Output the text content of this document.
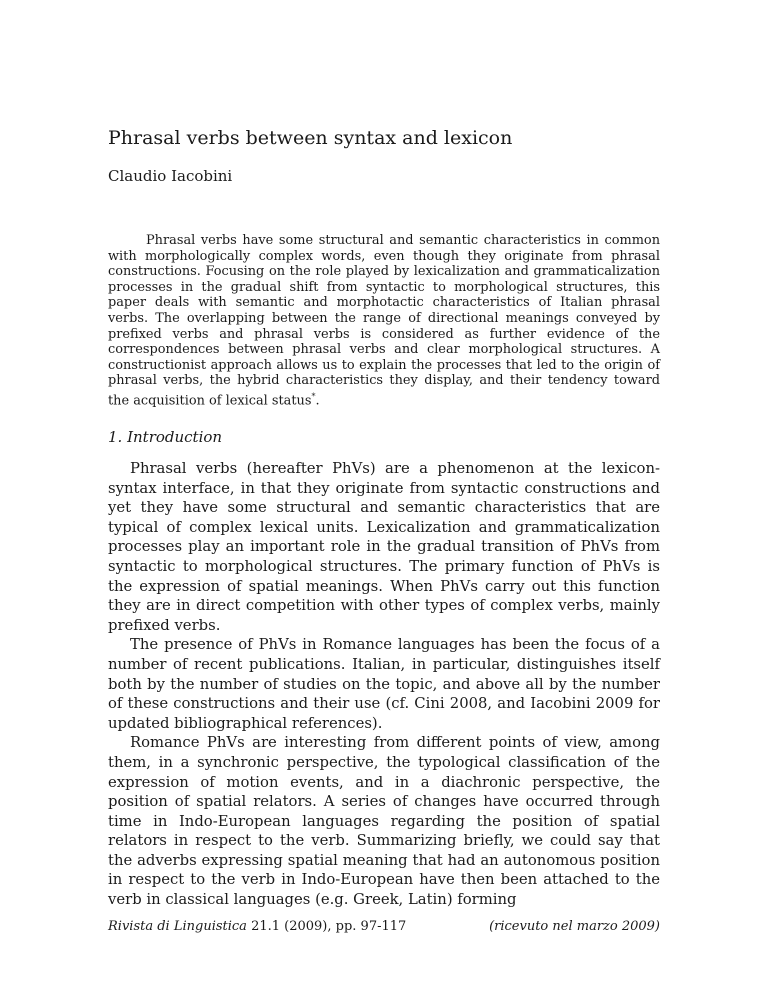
Phrasal verbs between syntax and lexicon

Claudio Iacobini

Phrasal verbs have some structural and semantic characteristics in common with morphologically complex words, even though they originate from phrasal constructions. Focusing on the role played by lexicalization and grammaticalization processes in the gradual shift from syntactic to morphological structures, this paper deals with semantic and morphotactic characteristics of Italian phrasal verbs. The overlapping between the range of directional meanings conveyed by prefixed verbs and phrasal verbs is considered as further evidence of the correspondences between phrasal verbs and clear morphological structures. A constructionist approach allows us to explain the processes that led to the origin of phrasal verbs, the hybrid characteristics they display, and their tendency toward the acquisition of lexical status*.

1. Introduction

Phrasal verbs (hereafter PhVs) are a phenomenon at the lexicon-syntax interface, in that they originate from syntactic constructions and yet they have some structural and semantic characteristics that are typical of complex lexical units. Lexicalization and grammaticalization processes play an important role in the gradual transition of PhVs from syntactic to morphological structures. The primary function of PhVs is the expression of spatial meanings. When PhVs carry out this function they are in direct competition with other types of complex verbs, mainly prefixed verbs.

The presence of PhVs in Romance languages has been the focus of a number of recent publications. Italian, in particular, distinguishes itself both by the number of studies on the topic, and above all by the number of these constructions and their use (cf. Cini 2008, and Iacobini 2009 for updated bibliographical references).

Romance PhVs are interesting from different points of view, among them, in a synchronic perspective, the typological classification of the expression of motion events, and in a diachronic perspective, the position of spatial relators. A series of changes have occurred through time in Indo-European languages regarding the position of spatial relators in respect to the verb. Summarizing briefly, we could say that the adverbs expressing spatial meaning that had an autonomous position in respect to the verb in Indo-European have then been attached to the verb in classical languages (e.g. Greek, Latin) forming

Rivista di Linguistica 21.1 (2009), pp. 97-117	(ricevuto nel marzo 2009)
